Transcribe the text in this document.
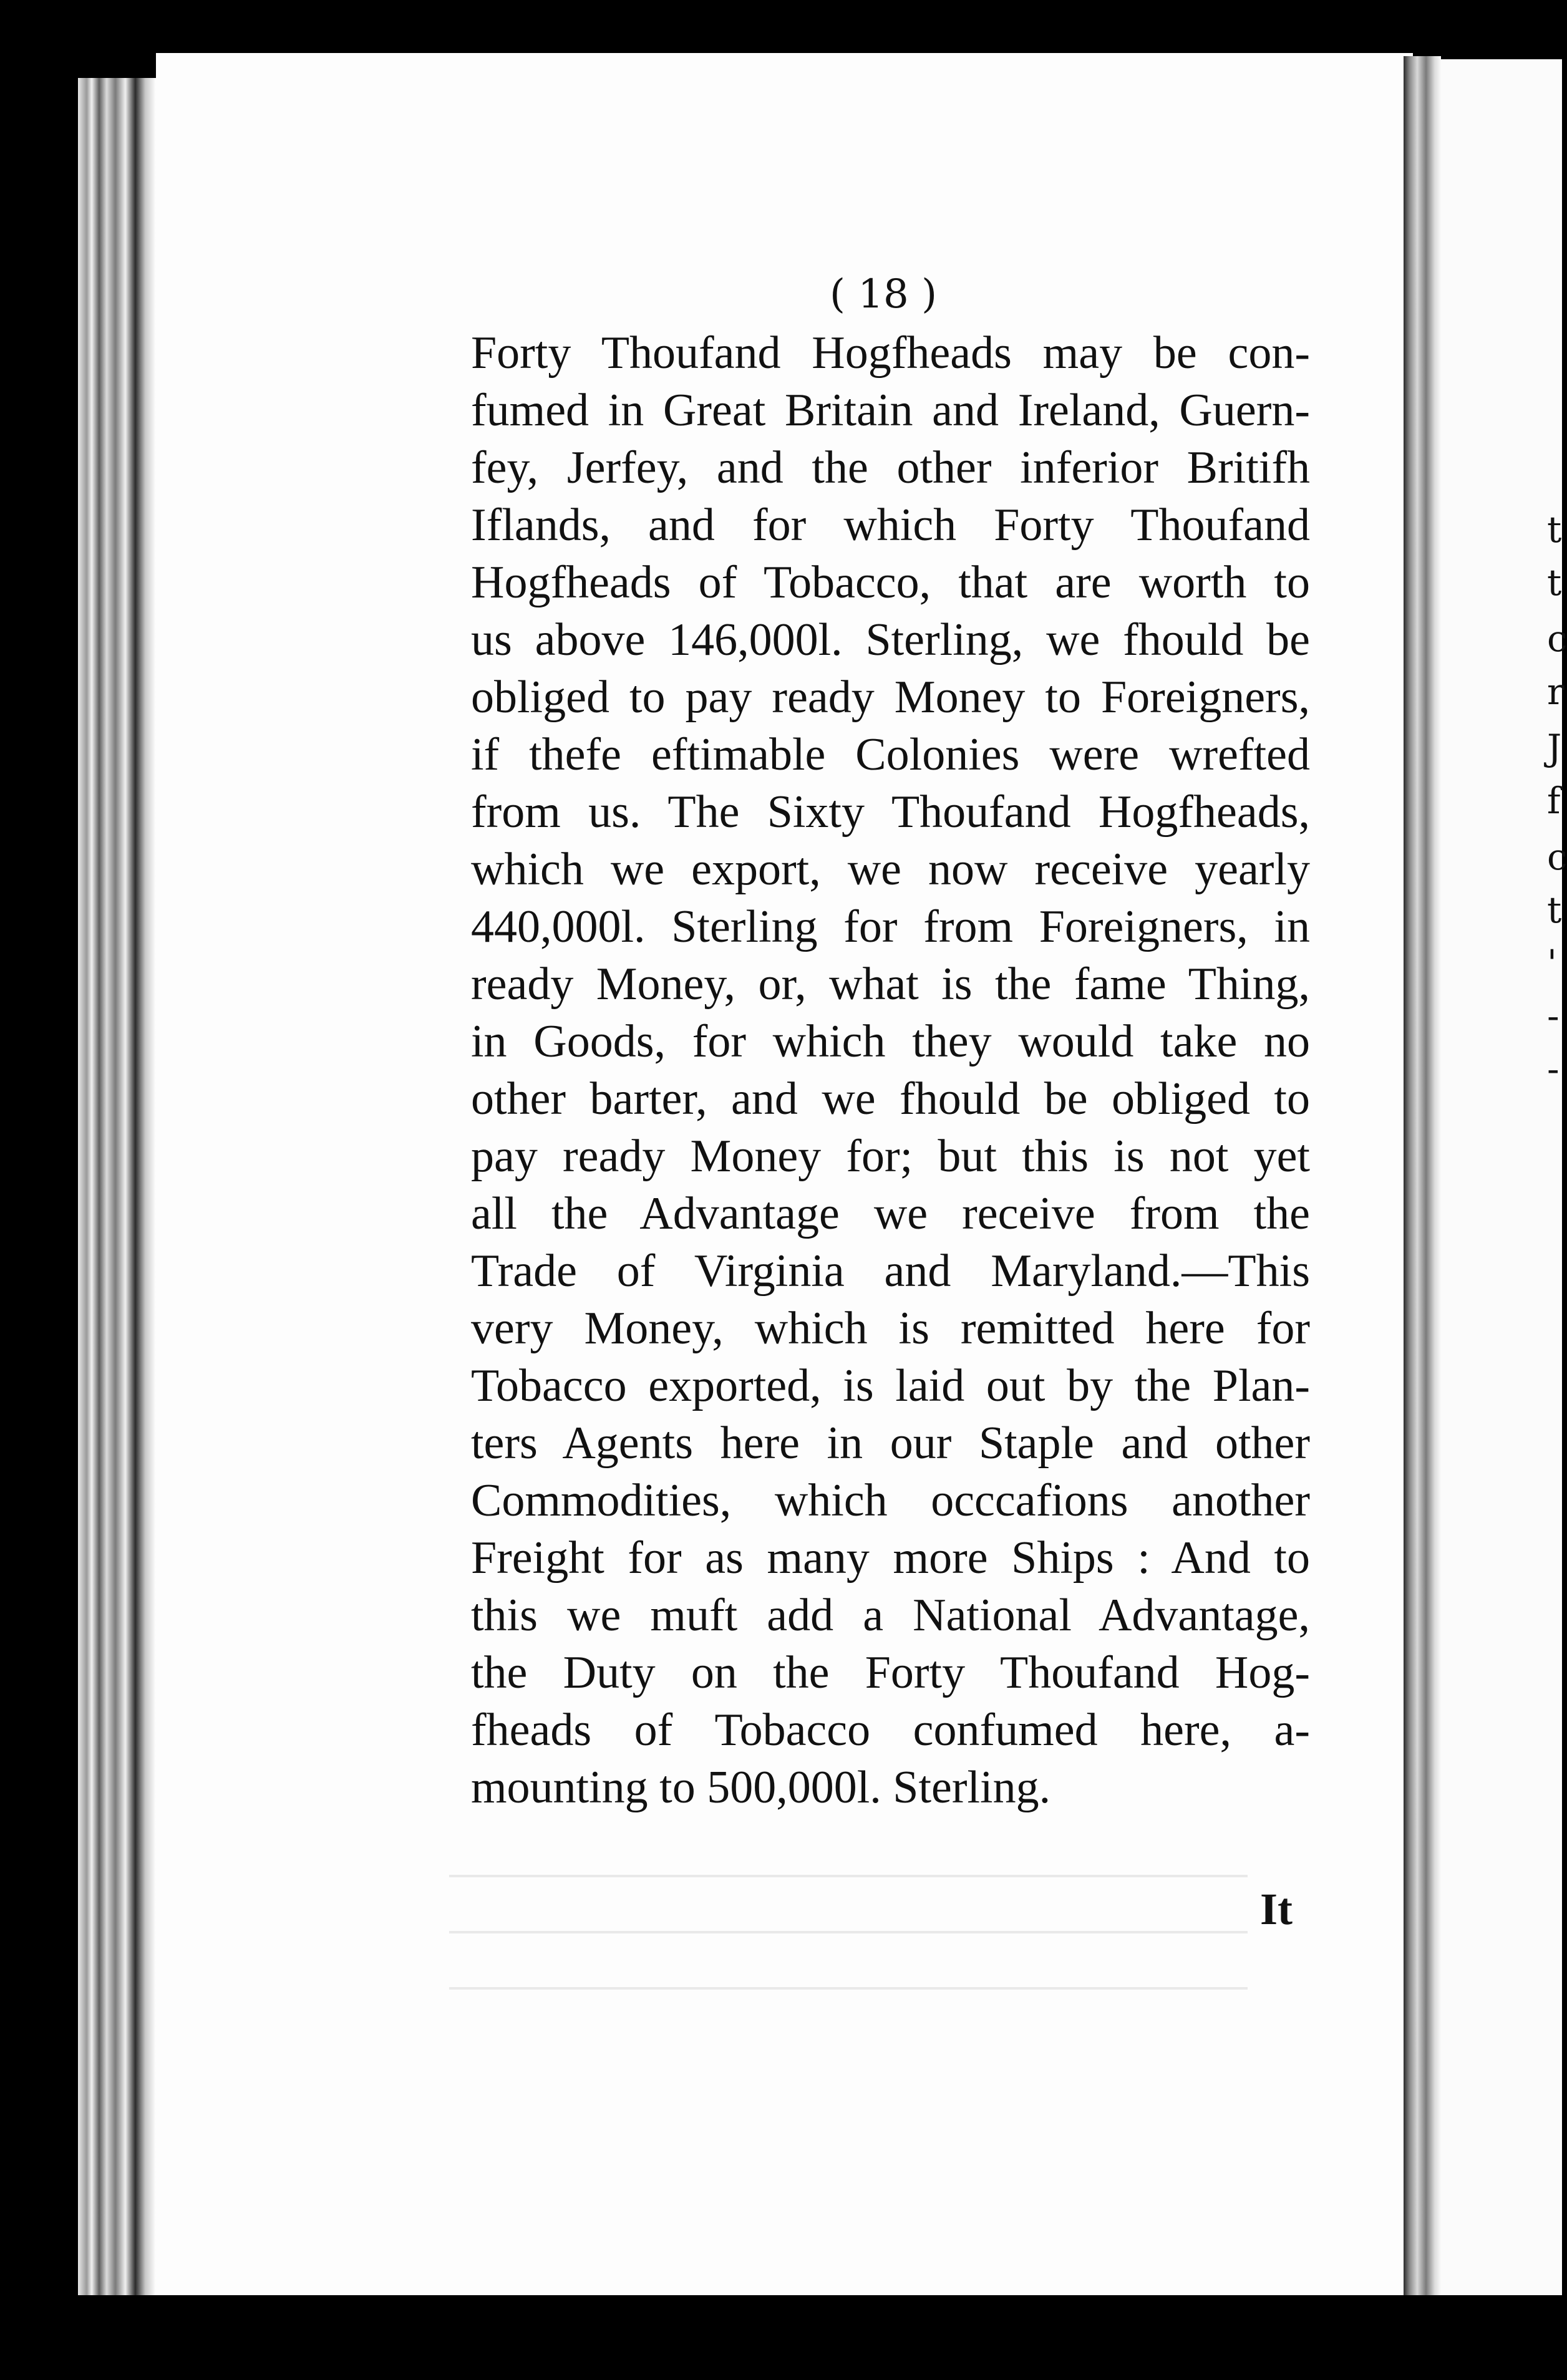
t
t
c
r
J
f
c
t
'
-
-
( 18 )
Forty Thoufand Hogfheads may be con-
fumed in Great Britain and Ireland, Guern-
fey, Jerfey, and the other inferior Britifh
Iflands, and for which Forty Thoufand
Hogfheads of Tobacco, that are worth to
us above 146,000l. Sterling, we fhould be
obliged to pay ready Money to Foreigners,
if thefe eftimable Colonies were wrefted
from us. The Sixty Thoufand Hogfheads,
which we export, we now receive yearly
440,000l. Sterling for from Foreigners, in
ready Money, or, what is the fame Thing,
in Goods, for which they would take no
other barter, and we fhould be obliged to
pay ready Money for; but this is not yet
all the Advantage we receive from the
Trade of Virginia and Maryland.—This
very Money, which is remitted here for
Tobacco exported, is laid out by the Plan-
ters Agents here in our Staple and other
Commodities, which occcafions another
Freight for as many more Ships : And to
this we muft add a National Advantage,
the Duty on the Forty Thoufand Hog-
fheads of Tobacco confumed here, a-
mounting to 500,000l. Sterling.
It
